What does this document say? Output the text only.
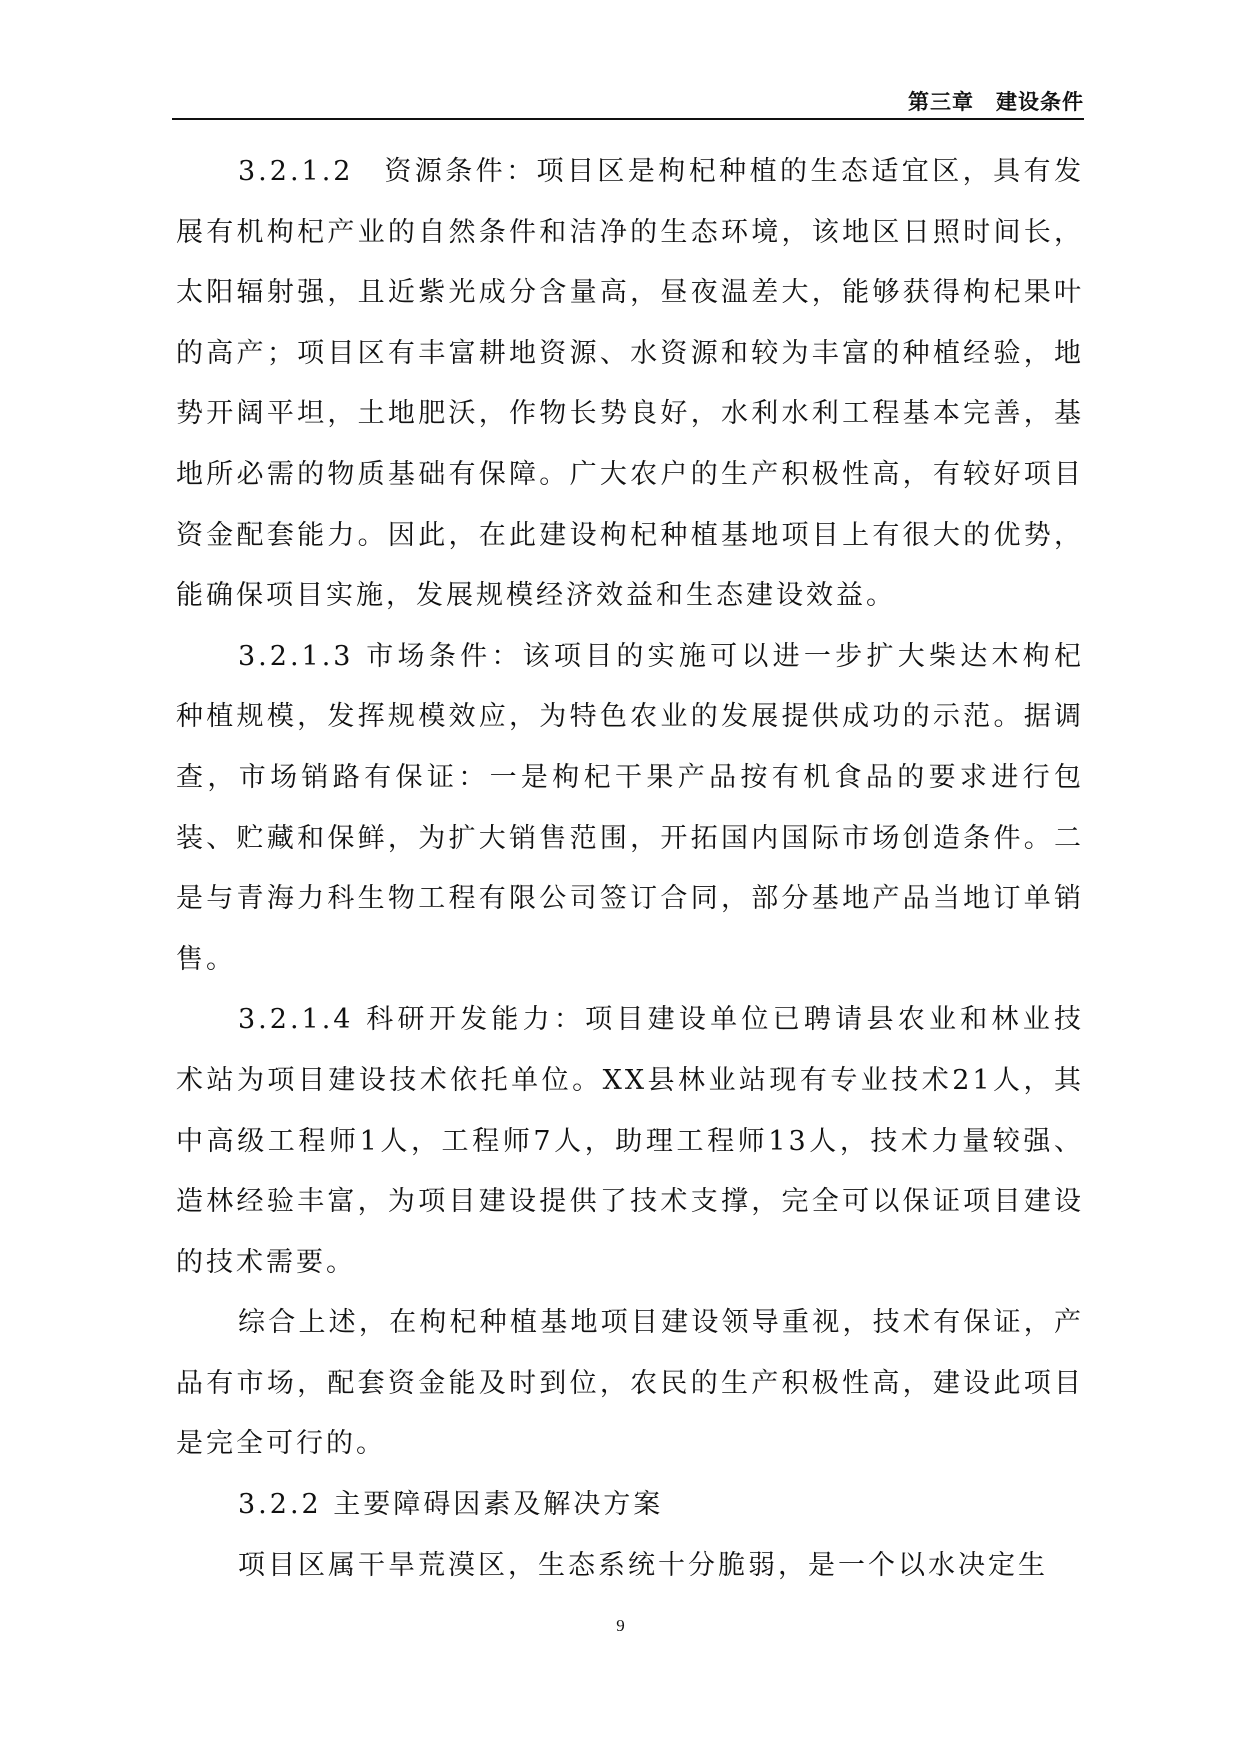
第三章　建设条件

3.2.1.2　资源条件：项目区是枸杞种植的生态适宜区，具有发展有机枸杞产业的自然条件和洁净的生态环境，该地区日照时间长，太阳辐射强，且近紫光成分含量高，昼夜温差大，能够获得枸杞果叶的高产；项目区有丰富耕地资源、水资源和较为丰富的种植经验，地势开阔平坦，土地肥沃，作物长势良好，水利水利工程基本完善，基地所必需的物质基础有保障。广大农户的生产积极性高，有较好项目资金配套能力。因此，在此建设枸杞种植基地项目上有很大的优势，能确保项目实施，发展规模经济效益和生态建设效益。

3.2.1.3 市场条件：该项目的实施可以进一步扩大柴达木枸杞种植规模，发挥规模效应，为特色农业的发展提供成功的示范。据调查，市场销路有保证：一是枸杞干果产品按有机食品的要求进行包装、贮藏和保鲜，为扩大销售范围，开拓国内国际市场创造条件。二是与青海力科生物工程有限公司签订合同，部分基地产品当地订单销售。

3.2.1.4 科研开发能力：项目建设单位已聘请县农业和林业技术站为项目建设技术依托单位。XX县林业站现有专业技术21人，其中高级工程师1人，工程师7人，助理工程师13人，技术力量较强、造林经验丰富，为项目建设提供了技术支撑，完全可以保证项目建设的技术需要。

综合上述，在枸杞种植基地项目建设领导重视，技术有保证，产品有市场，配套资金能及时到位，农民的生产积极性高，建设此项目是完全可行的。

3.2.2 主要障碍因素及解决方案

项目区属干旱荒漠区，生态系统十分脆弱，是一个以水决定生

9
